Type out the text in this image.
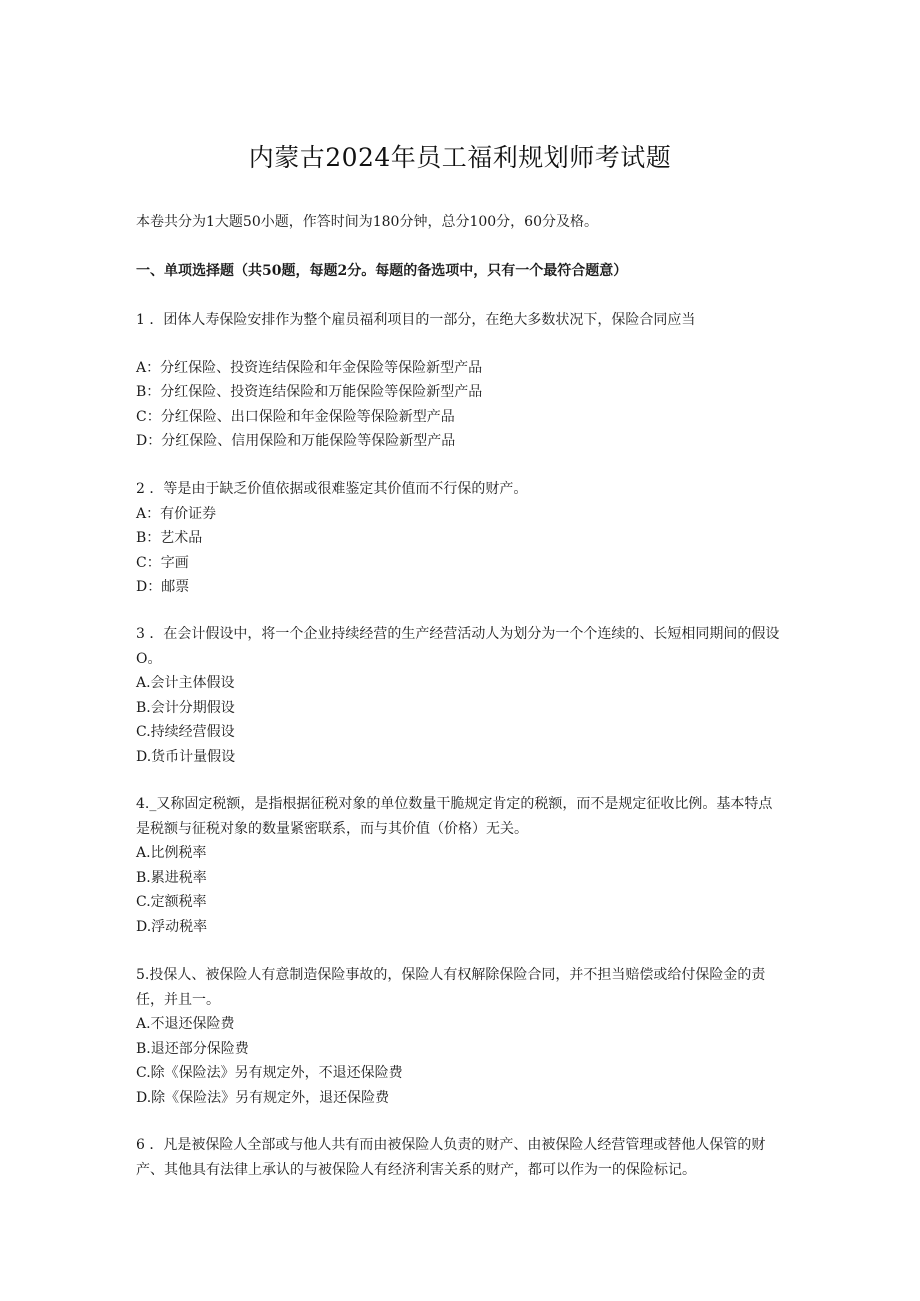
内蒙古2024年员工福利规划师考试题
本卷共分为1大题50小题，作答时间为180分钟，总分100分，60分及格。
一、单项选择题（共50题，每题2分。每题的备选项中，只有一个最符合题意）

1 ．团体人寿保险安排作为整个雇员福利项目的一部分，在绝大多数状况下，保险合同应当

A：分红保险、投资连结保险和年金保险等保险新型产品

B：分红保险、投资连结保险和万能保险等保险新型产品

C：分红保险、出口保险和年金保险等保险新型产品

D：分红保险、信用保险和万能保险等保险新型产品

2 ．等是由于缺乏价值依据或很难鉴定其价值而不行保的财产。

A：有价证券

B：艺术品

C：字画

D：邮票

3 ．在会计假设中，将一个企业持续经营的生产经营活动人为划分为一个个连续的、长短相同期间的假设O。

A.会计主体假设

B.会计分期假设

C.持续经营假设

D.货币计量假设

4._又称固定税额，是指根据征税对象的单位数量干脆规定肯定的税额，而不是规定征收比例。基本特点是税额与征税对象的数量紧密联系，而与其价值（价格）无关。

A.比例税率

B.累进税率

C.定额税率

D.浮动税率

5.投保人、被保险人有意制造保险事故的，保险人有权解除保险合同，并不担当赔偿或给付保险金的责任，并且一。

A.不退还保险费

B.退还部分保险费

C.除《保险法》另有规定外，不退还保险费

D.除《保险法》另有规定外，退还保险费

6 ．凡是被保险人全部或与他人共有而由被保险人负责的财产、由被保险人经营管理或替他人保管的财产、其他具有法律上承认的与被保险人有经济利害关系的财产，都可以作为一的保险标记。
